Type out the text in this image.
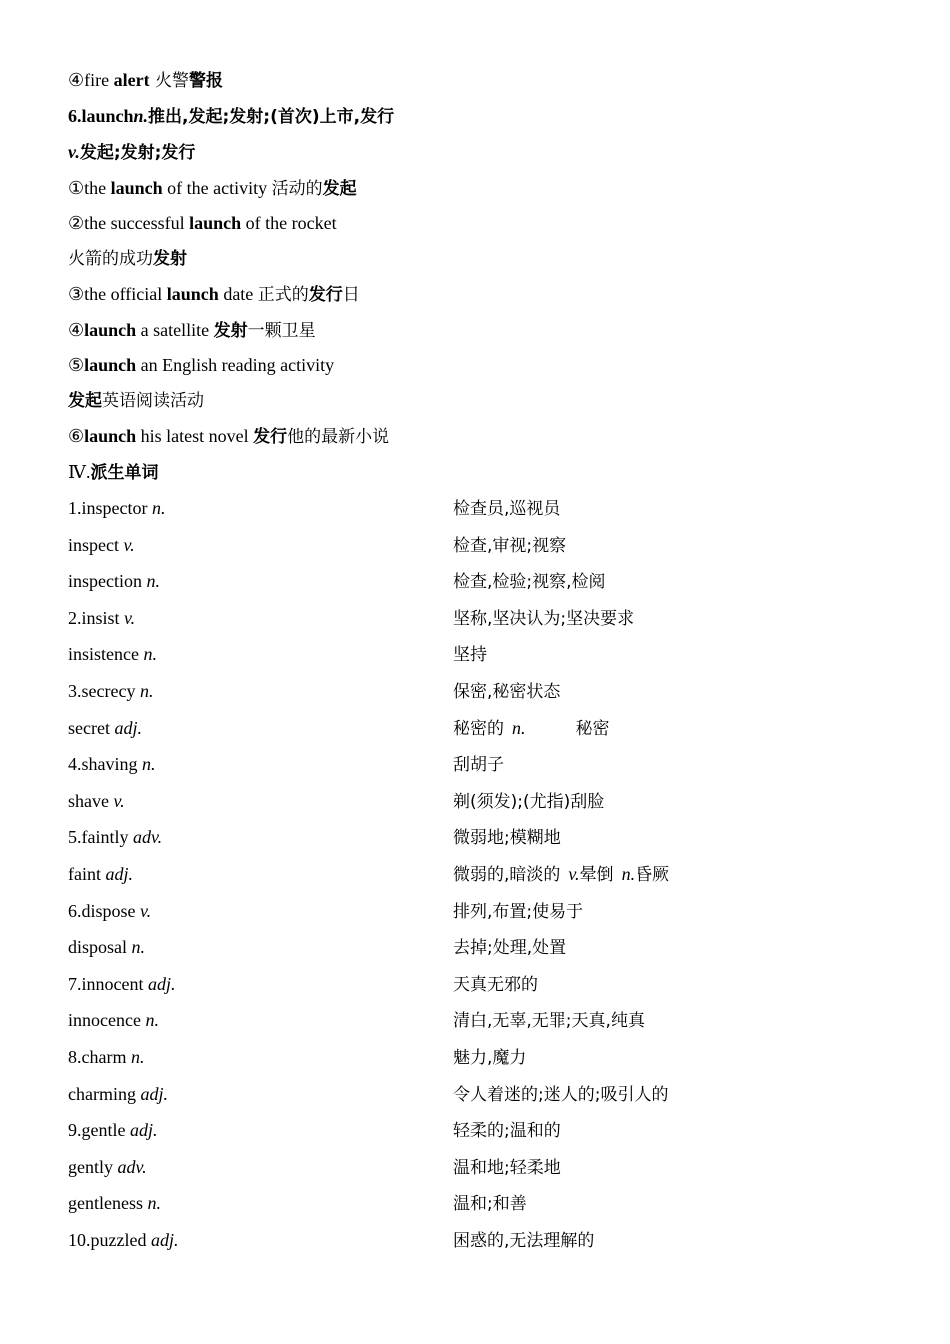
④fire alert 火警警报
6.launchn.推出,发起;发射;(首次)上市,发行
v.发起;发射;发行
①the launch of the activity 活动的发起
②the successful launch of the rocket
火箭的成功发射
③the official launch date 正式的发行日
④launch a satellite 发射一颗卫星
⑤launch an English reading activity
发起英语阅读活动
⑥launch his latest novel 发行他的最新小说
Ⅳ.派生单词
1.inspector n.	检查员,巡视员
inspect v.	检查,审视;视察
inspection n.	检查,检验;视察,检阅
2.insist v.	坚称,坚决认为;坚决要求
insistence n.	坚持
3.secrecy n.	保密,秘密状态
secret adj.	秘密的 n.	秘密
4.shaving n.	刮胡子
shave v.	剃(须发);(尤指)刮脸
5.faintly adv.	微弱地;模糊地
faint adj.	微弱的,暗淡的 v.晕倒 n.昏厥
6.dispose v.	排列,布置;使易于
disposal n.	去掉;处理,处置
7.innocent adj.	天真无邪的
innocence n.	清白,无辜,无罪;天真,纯真
8.charm n.	魅力,魔力
charming adj.	令人着迷的;迷人的;吸引人的
9.gentle adj.	轻柔的;温和的
gently adv.	温和地;轻柔地
gentleness n.	温和;和善
10.puzzled adj.	困惑的,无法理解的
